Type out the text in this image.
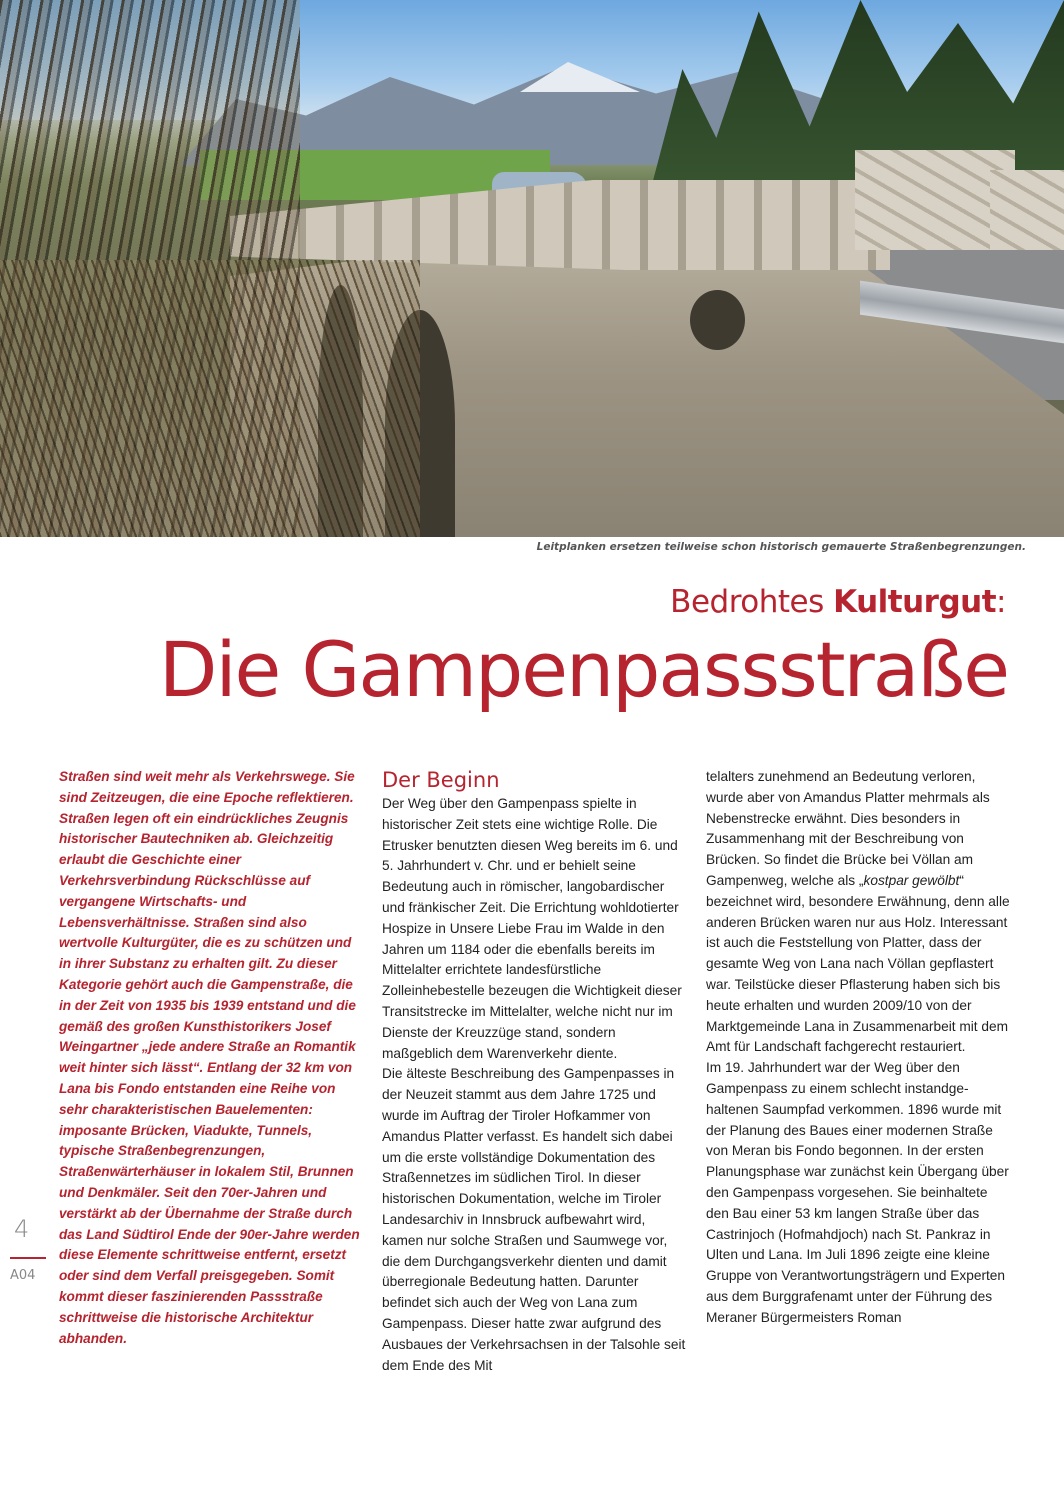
Leitplanken ersetzen teilweise schon historisch gemauerte Straßenbegrenzungen.
Bedrohtes Kulturgut:
Die Gampenpassstraße
4
A04
Straßen sind weit mehr als Verkehrswege. Sie sind Zeitzeugen, die eine Epoche reflektieren. Straßen legen oft ein eindrückliches Zeugnis historischer Bautechniken ab. Gleichzeitig erlaubt die Geschichte einer Verkehrsverbindung Rückschlüsse auf vergangene Wirtschafts- und Lebensverhältnisse. Straßen sind also wertvolle Kulturgüter, die es zu schützen und in ihrer Substanz zu erhalten gilt. Zu dieser Kategorie gehört auch die Gampenstraße, die in der Zeit von 1935 bis 1939 entstand und die gemäß des großen Kunsthistorikers Josef Weingartner „jede andere Straße an Romantik weit hinter sich lässt“. Entlang der 32 km von Lana bis Fondo entstanden eine Reihe von sehr charakteristischen Bauelementen: imposante Brücken, Viadukte, Tunnels, typische Straßenbegrenzungen, Straßenwärterhäuser in lokalem Stil, Brunnen und Denkmäler. Seit den 70er-Jahren und verstärkt ab der Übernahme der Straße durch das Land Südtirol Ende der 90er-Jahre werden diese Elemente schrittweise entfernt, ersetzt oder sind dem Verfall preisgegeben. Somit kommt dieser faszinierenden Passstraße schrittweise die historische Architektur abhanden.
Der Beginn

Der Weg über den Gampenpass spielte in historischer Zeit stets eine wichtige Rolle. Die Etrusker benutzten diesen Weg bereits im 6. und 5. Jahrhundert v. Chr. und er behielt seine Bedeutung auch in römischer, langobardischer und fränkischer Zeit. Die Errichtung wohldotierter Hospize in Unsere Liebe Frau im Walde in den Jahren um 1184 oder die ebenfalls bereits im Mittelalter errichtete landesfürstliche Zolleinhebestelle bezeugen die Wichtigkeit dieser Transitstrecke im Mittelalter, welche nicht nur im Dienste der Kreuzzüge stand, sondern maßgeblich dem Warenverkehr diente.

Die älteste Beschreibung des Gampenpasses in der Neuzeit stammt aus dem Jahre 1725 und wurde im Auftrag der Tiroler Hofkammer von Amandus Platter verfasst. Es handelt sich dabei um die erste vollständige Dokumentation des Straßennetzes im südlichen Tirol. In dieser historischen Dokumentation, welche im Tiroler Landesarchiv in Innsbruck aufbewahrt wird, kamen nur solche Straßen und Saumwege vor, die dem Durchgangsverkehr dienten und damit überregionale Bedeutung hatten. Darunter befindet sich auch der Weg von Lana zum Gampenpass. Dieser hatte zwar aufgrund des Ausbaues der Verkehrsachsen in der Talsohle seit dem Ende des Mit

telalters zunehmend an Bedeutung verloren, wurde aber von Amandus Platter mehrmals als Nebenstrecke erwähnt. Dies besonders in Zusammenhang mit der Beschreibung von Brücken. So findet die Brücke bei Völlan am Gampenweg, welche als „kostpar gewölbt“ bezeichnet wird, besondere Erwähnung, denn alle anderen Brücken waren nur aus Holz. Interessant ist auch die Feststellung von Platter, dass der gesamte Weg von Lana nach Völlan gepflastert war. Teilstücke dieser Pflasterung haben sich bis heute erhalten und wurden 2009/10 von der Marktgemeinde Lana in Zusammenarbeit mit dem Amt für Landschaft fachgerecht restauriert.

Im 19. Jahrhundert war der Weg über den Gampenpass zu einem schlecht instandgehaltenen Saumpfad verkommen. 1896 wurde mit der Planung des Baues einer modernen Straße von Meran bis Fondo begonnen. In der ersten Planungsphase war zunächst kein Übergang über den Gampenpass vorgesehen. Sie beinhaltete den Bau einer 53 km langen Straße über das Castrinjoch (Hofmahdjoch) nach St. Pankraz in Ulten und Lana. Im Juli 1896 zeigte eine kleine Gruppe von Verantwortungsträgern und Experten aus dem Burggrafenamt unter der Führung des Meraner Bürgermeisters Roman
